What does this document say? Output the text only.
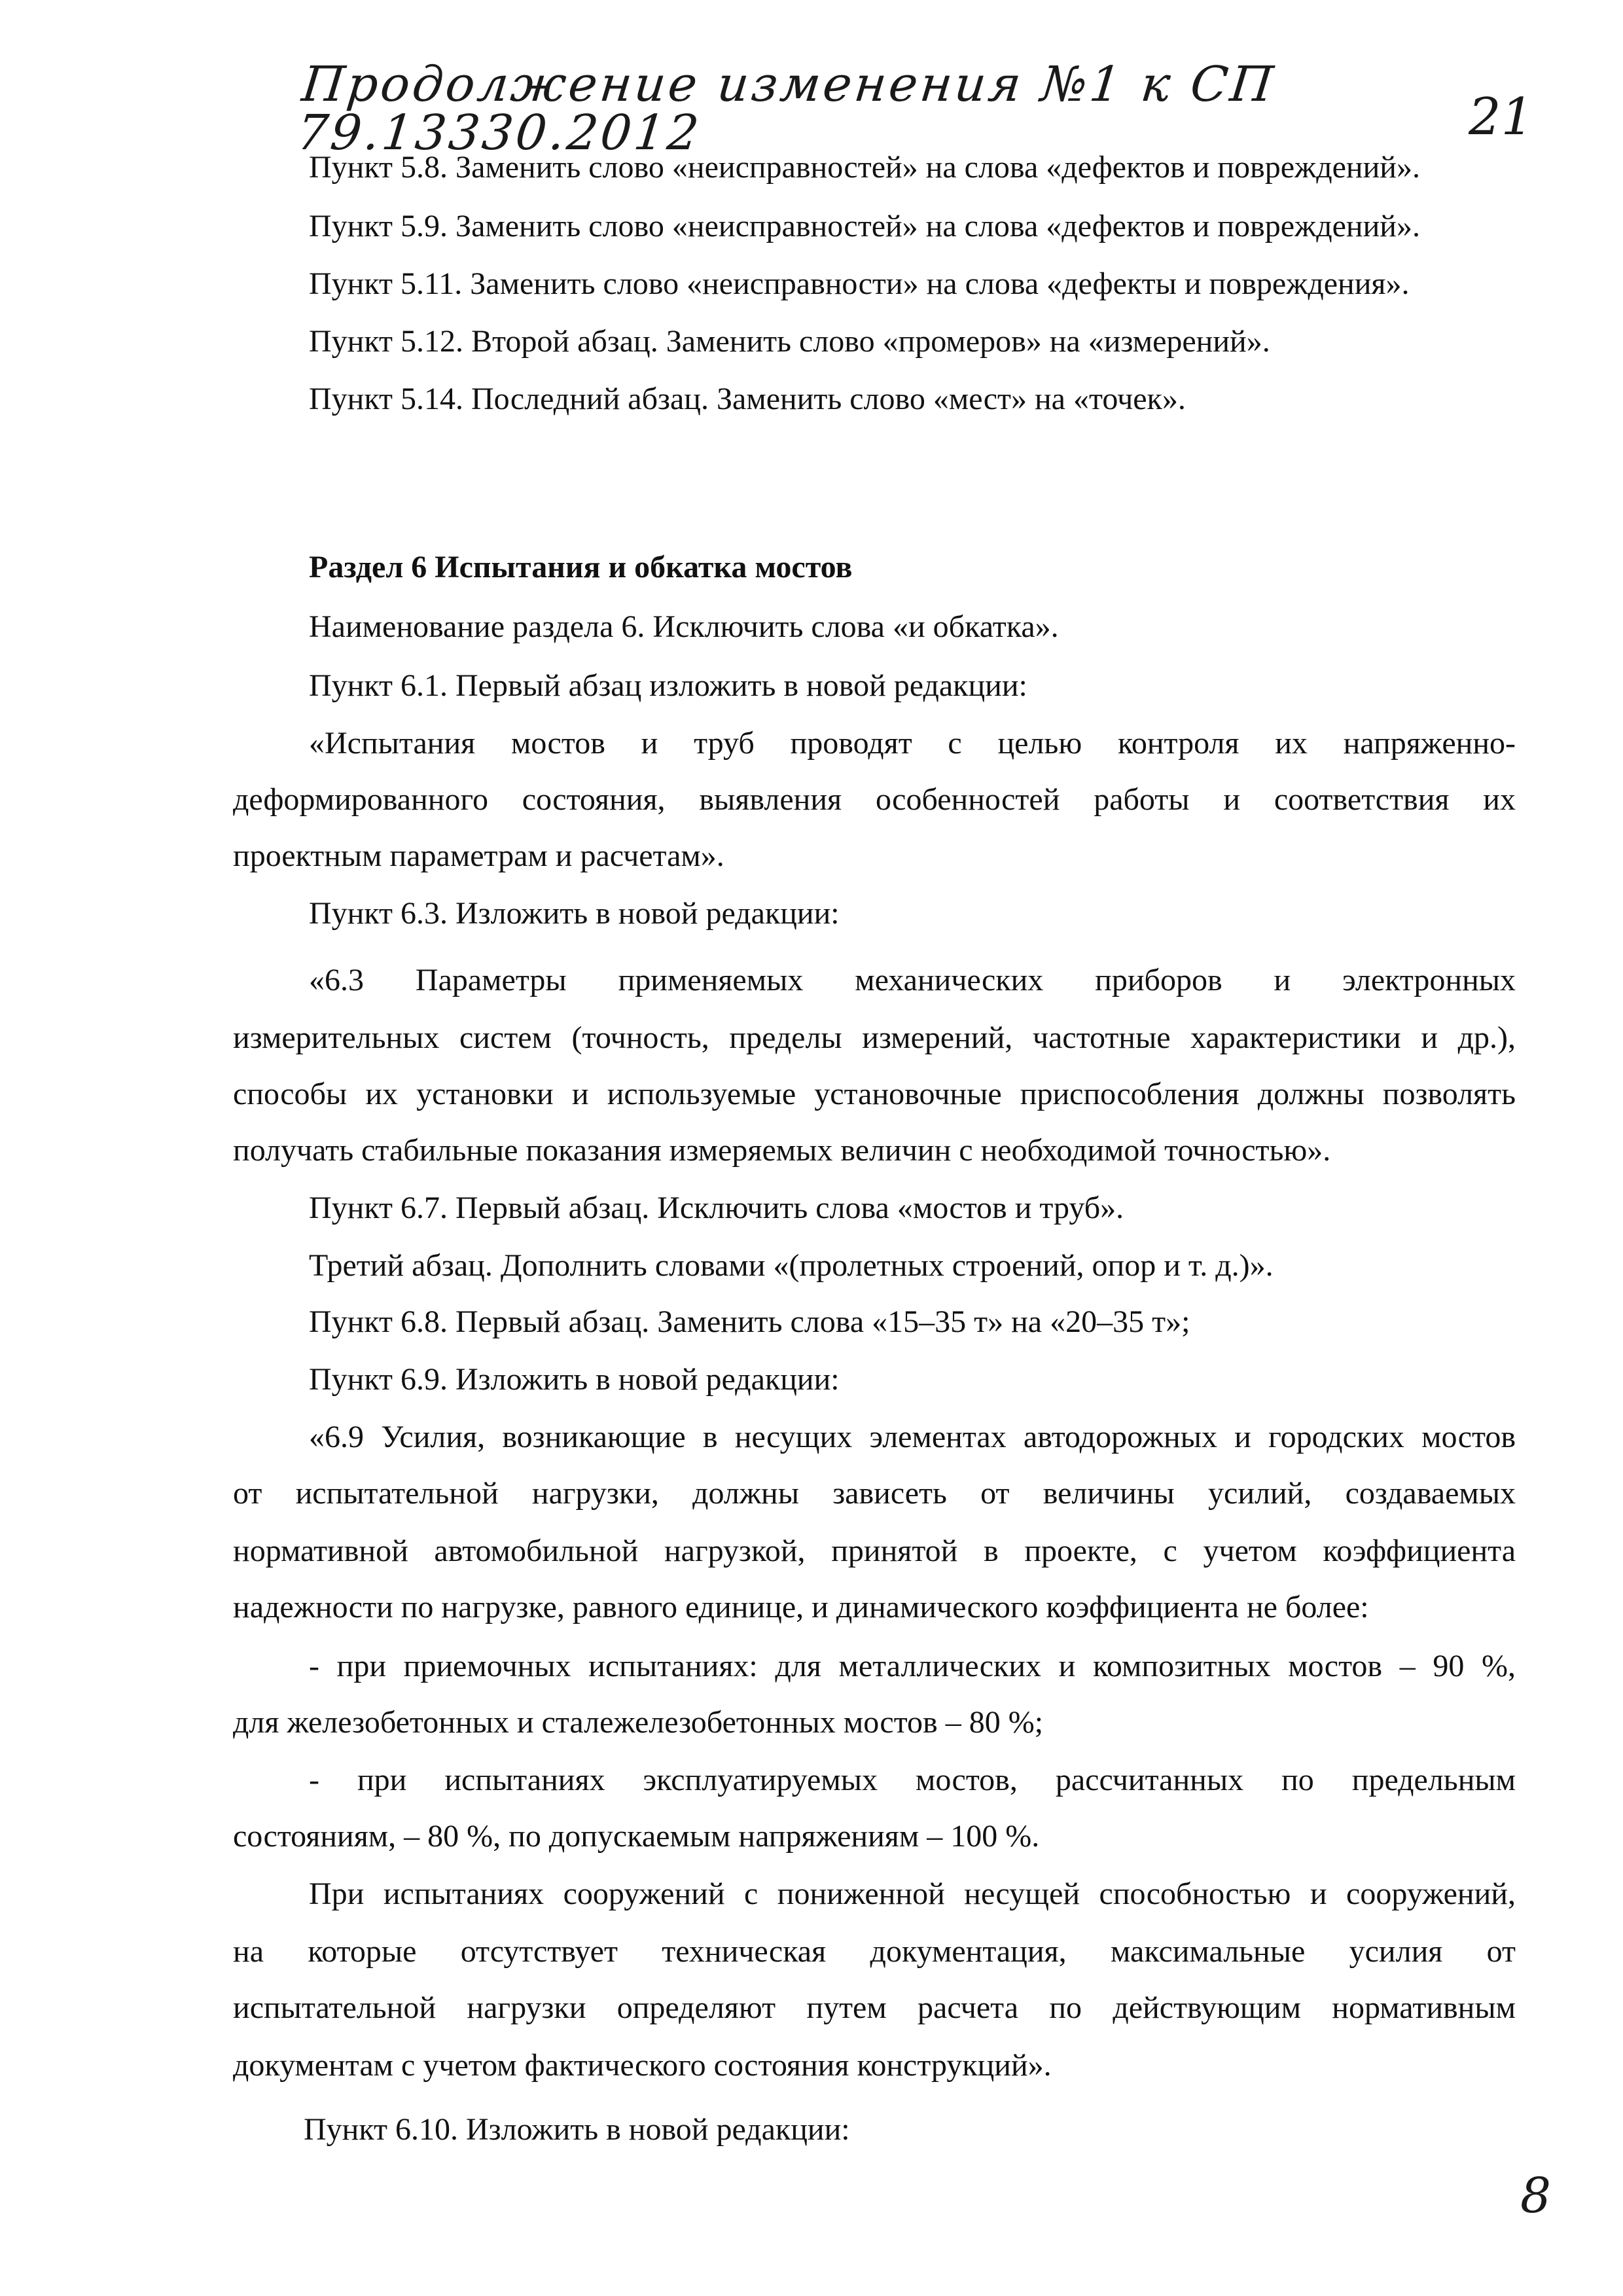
Продолжение изменения №1 к СП 79.13330.2012	21
Пункт 5.8. Заменить слово «неисправностей» на слова «дефектов и повреждений».
Пункт 5.9. Заменить слово «неисправностей» на слова «дефектов и повреждений».
Пункт 5.11. Заменить слово «неисправности» на слова «дефекты и повреждения».
Пункт 5.12. Второй абзац. Заменить слово «промеров» на «измерений».
Пункт 5.14. Последний абзац. Заменить слово «мест» на «точек».
Раздел 6 Испытания и обкатка мостов
Наименование раздела 6. Исключить слова «и обкатка».
Пункт 6.1. Первый абзац изложить в новой редакции:
«Испытания мостов и труб проводят с целью контроля их напряженно-
деформированного состояния, выявления особенностей работы и соответствия их
проектным параметрам и расчетам».
Пункт 6.3. Изложить в новой редакции:
«6.3 Параметры применяемых механических приборов и электронных
измерительных систем (точность, пределы измерений, частотные характеристики и др.),
способы их установки и используемые установочные приспособления должны позволять
получать стабильные показания измеряемых величин с необходимой точностью».
Пункт 6.7. Первый абзац. Исключить слова «мостов и труб».
Третий абзац. Дополнить словами «(пролетных строений, опор и т. д.)».
Пункт 6.8. Первый абзац. Заменить слова «15–35 т» на «20–35 т»;
Пункт 6.9. Изложить в новой редакции:
«6.9 Усилия, возникающие в несущих элементах автодорожных и городских мостов
от испытательной нагрузки, должны зависеть от величины усилий, создаваемых
нормативной автомобильной нагрузкой, принятой в проекте, с учетом коэффициента
надежности по нагрузке, равного единице, и динамического коэффициента не более:
- при приемочных испытаниях: для металлических и композитных мостов – 90 %,
для железобетонных и сталежелезобетонных мостов – 80 %;
- при испытаниях эксплуатируемых мостов, рассчитанных по предельным
состояниям, – 80 %, по допускаемым напряжениям – 100 %.
При испытаниях сооружений с пониженной несущей способностью и сооружений,
на которые отсутствует техническая документация, максимальные усилия от
испытательной нагрузки определяют путем расчета по действующим нормативным
документам с учетом фактического состояния конструкций».
Пункт 6.10. Изложить в новой редакции:
8
